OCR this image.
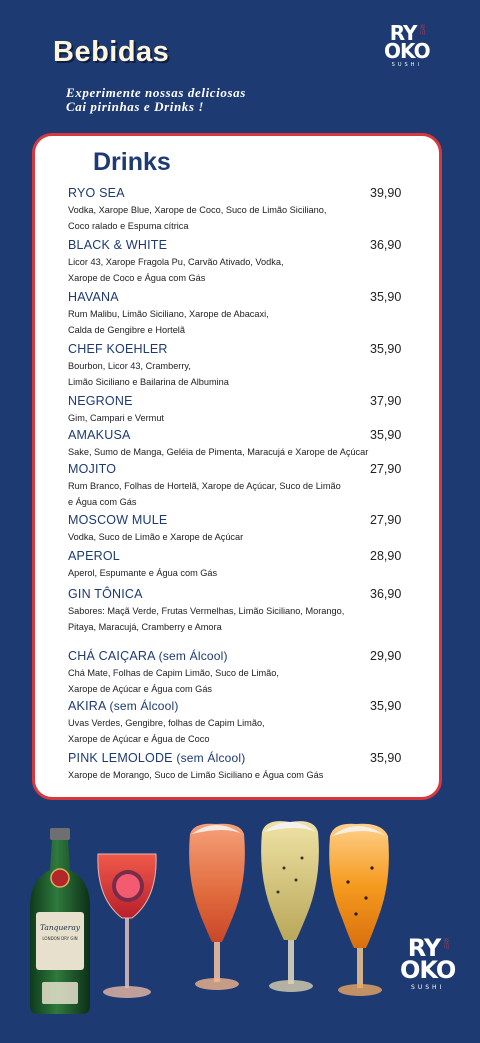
Bebidas
Experimente nossas deliciosas
Cai pirinhas e Drinks !
RY 寿司
OKO
SUSHI
Drinks
RYO SEA	39,90
Vodka, Xarope Blue, Xarope de Coco, Suco de Limão Siciliano,
Coco ralado e Espuma cítrica
BLACK & WHITE	36,90
Licor 43, Xarope Fragola Pu, Carvão Ativado, Vodka,
Xarope de Coco e Água com Gás
HAVANA	35,90
Rum Malibu, Limão Siciliano, Xarope de Abacaxi,
Calda de Gengibre e Hortelã
CHEF KOEHLER	35,90
Bourbon, Licor 43, Cramberry,
Limão Siciliano e Bailarina de Albumina
NEGRONE	37,90
Gim, Campari e Vermut
AMAKUSA	35,90
Sake, Sumo de Manga, Geléia de Pimenta, Maracujá e Xarope de Açúcar
MOJITO	27,90
Rum Branco, Folhas de Hortelã, Xarope de Açúcar, Suco de Limão
e Água com Gás
MOSCOW MULE	27,90
Vodka, Suco de Limão e Xarope de Açúcar
APEROL	28,90
Aperol, Espumante e Água com Gás
GIN TÔNICA	36,90
Sabores: Maçã Verde, Frutas Vermelhas, Limão Siciliano, Morango,
Pitaya, Maracujá, Cramberry e Amora
CHÁ CAIÇARA (sem Álcool)	29,90
Chá Mate, Folhas de Capim Limão, Suco de Limão,
Xarope de Açúcar e Água com Gás
AKIRA (sem Álcool)	35,90
Uvas Verdes, Gengibre, folhas de Capim Limão,
Xarope de Açúcar e Água de Coco
PINK LEMOLODE (sem Álcool)	35,90
Xarope de Morango, Suco de Limão Siciliano e Água com Gás
Tanqueray
LONDON DRY GIN	RY 寿司
OKO
SUSHI
